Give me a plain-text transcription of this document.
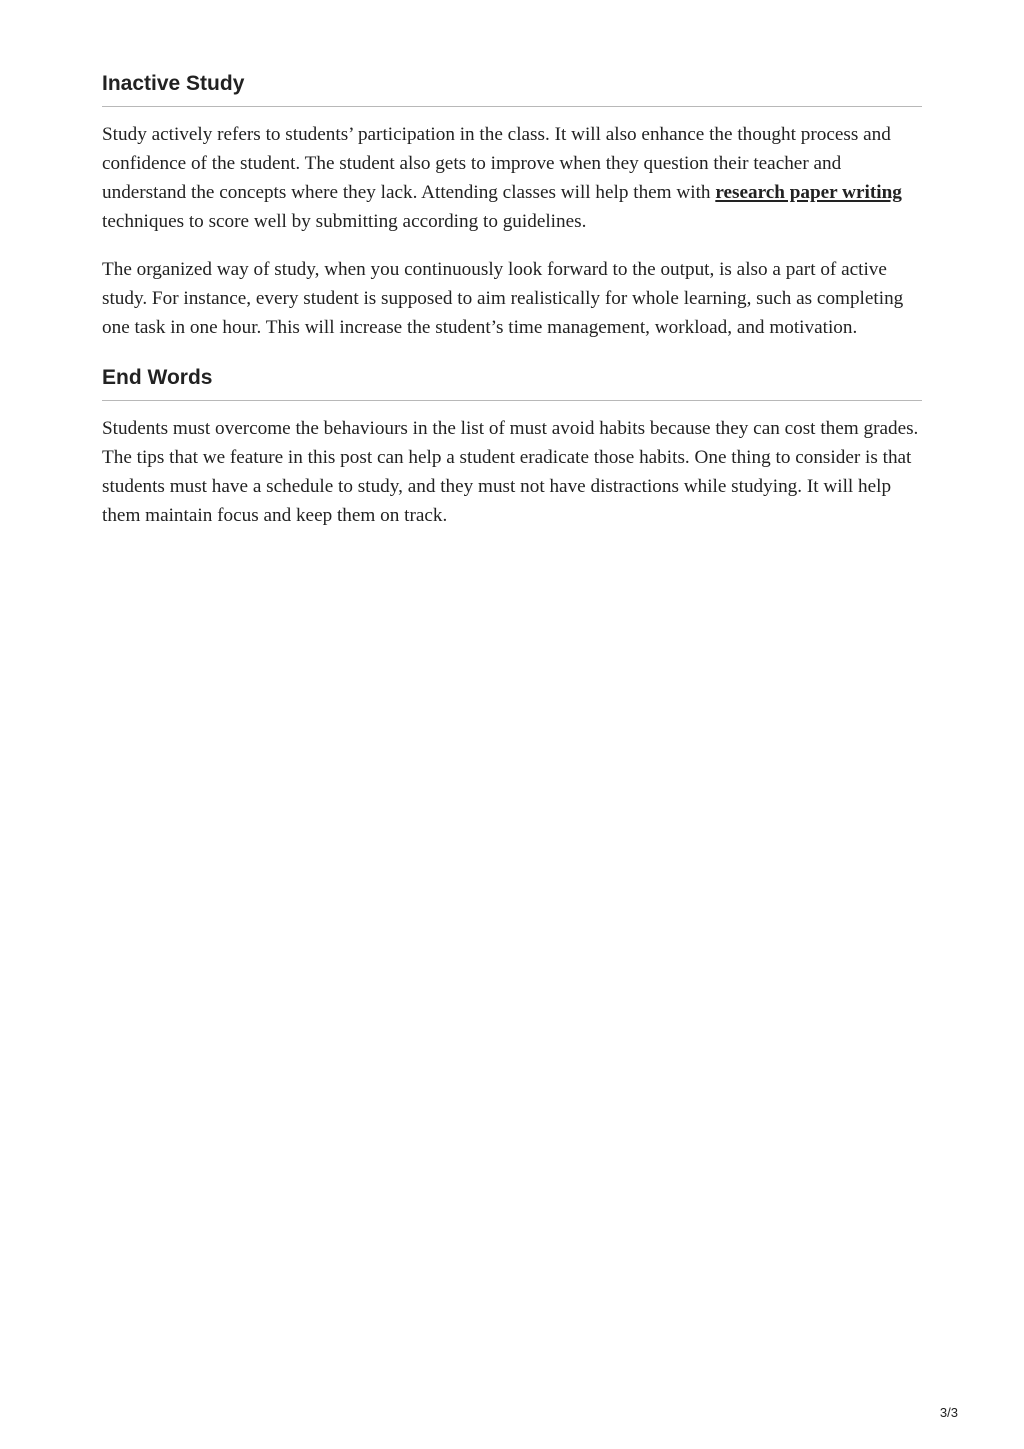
Inactive Study

Study actively refers to students’ participation in the class. It will also enhance the thought process and confidence of the student. The student also gets to improve when they question their teacher and understand the concepts where they lack. Attending classes will help them with research paper writing techniques to score well by submitting according to guidelines.

The organized way of study, when you continuously look forward to the output, is also a part of active study. For instance, every student is supposed to aim realistically for whole learning, such as completing one task in one hour. This will increase the student’s time management, workload, and motivation.

End Words

Students must overcome the behaviours in the list of must avoid habits because they can cost them grades. The tips that we feature in this post can help a student eradicate those habits. One thing to consider is that students must have a schedule to study, and they must not have distractions while studying. It will help them maintain focus and keep them on track.

3/3
